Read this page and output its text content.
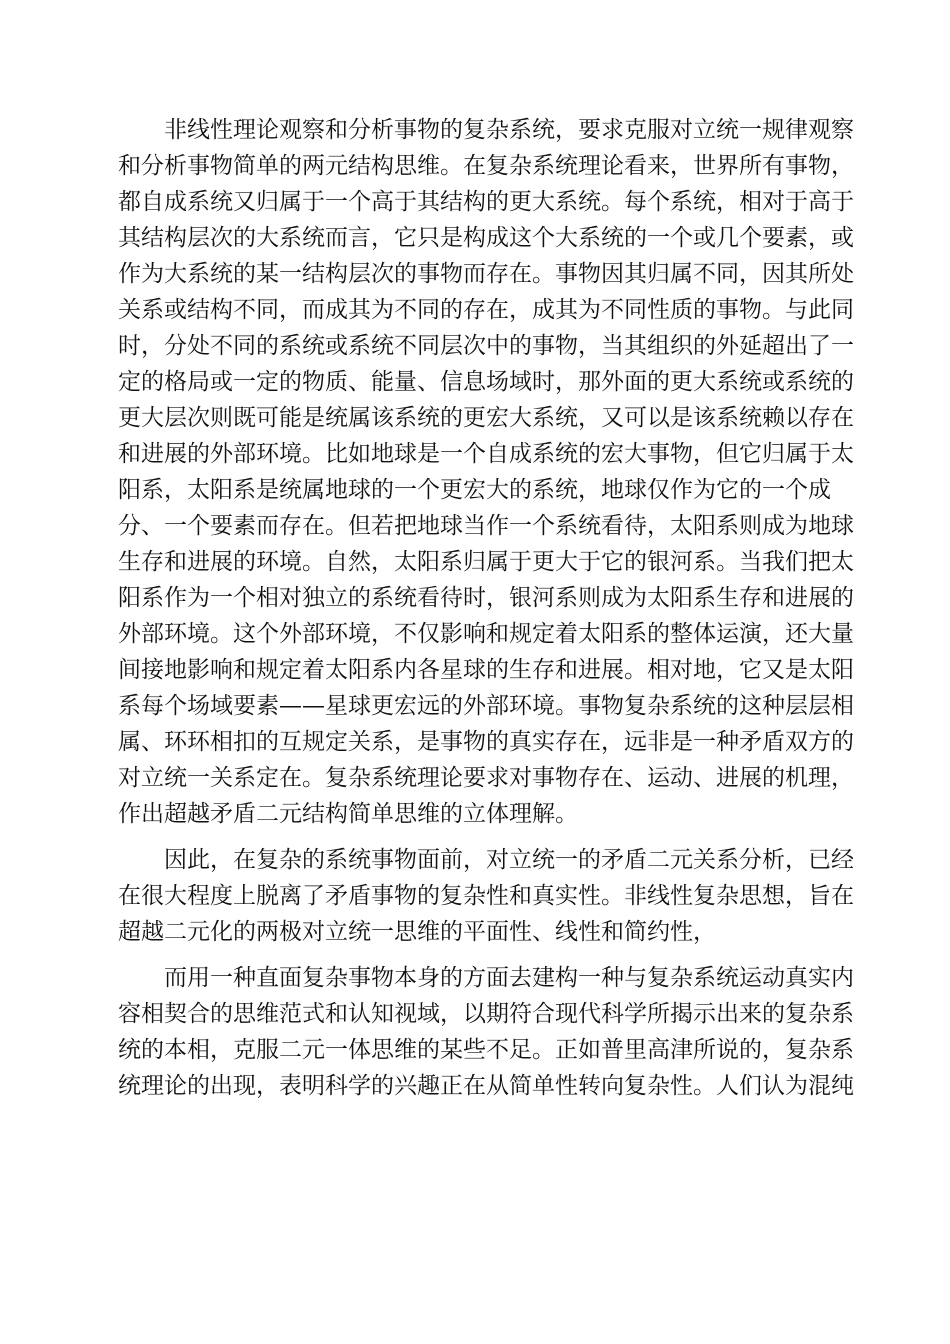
非线性理论观察和分析事物的复杂系统，要求克服对立统一规律观察
和分析事物简单的两元结构思维。在复杂系统理论看来，世界所有事物，
都自成系统又归属于一个高于其结构的更大系统。每个系统，相对于高于
其结构层次的大系统而言，它只是构成这个大系统的一个或几个要素，或
作为大系统的某一结构层次的事物而存在。事物因其归属不同，因其所处
关系或结构不同，而成其为不同的存在，成其为不同性质的事物。与此同
时，分处不同的系统或系统不同层次中的事物，当其组织的外延超出了一
定的格局或一定的物质、能量、信息场域时，那外面的更大系统或系统的
更大层次则既可能是统属该系统的更宏大系统，又可以是该系统赖以存在
和进展的外部环境。比如地球是一个自成系统的宏大事物，但它归属于太
阳系，太阳系是统属地球的一个更宏大的系统，地球仅作为它的一个成
分、一个要素而存在。但若把地球当作一个系统看待，太阳系则成为地球
生存和进展的环境。自然，太阳系归属于更大于它的银河系。当我们把太
阳系作为一个相对独立的系统看待时，银河系则成为太阳系生存和进展的
外部环境。这个外部环境，不仅影响和规定着太阳系的整体运演，还大量
间接地影响和规定着太阳系内各星球的生存和进展。相对地，它又是太阳
系每个场域要素——星球更宏远的外部环境。事物复杂系统的这种层层相
属、环环相扣的互规定关系，是事物的真实存在，远非是一种矛盾双方的
对立统一关系定在。复杂系统理论要求对事物存在、运动、进展的机理，
作出超越矛盾二元结构简单思维的立体理解。
因此，在复杂的系统事物面前，对立统一的矛盾二元关系分析，已经
在很大程度上脱离了矛盾事物的复杂性和真实性。非线性复杂思想，旨在
超越二元化的两极对立统一思维的平面性、线性和简约性，
而用一种直面复杂事物本身的方面去建构一种与复杂系统运动真实内
容相契合的思维范式和认知视域，以期符合现代科学所揭示出来的复杂系
统的本相，克服二元一体思维的某些不足。正如普里高津所说的，复杂系
统理论的出现，表明科学的兴趣正在从简单性转向复杂性。人们认为混纯
